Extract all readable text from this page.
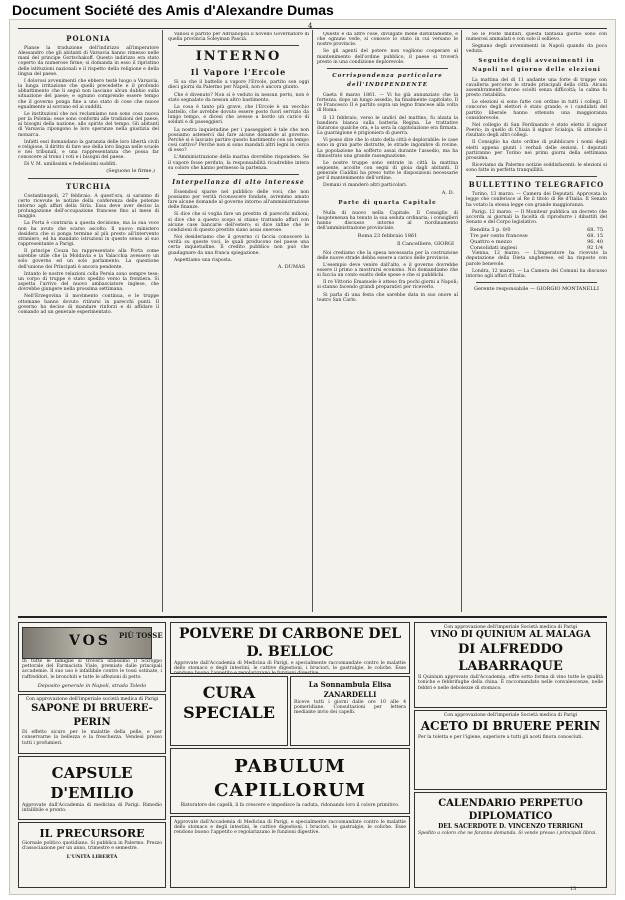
Document Société des Amis d'Alexandre Dumas
4
POLONIA

Pianse la traduzione dell'indirizzo all'imperatore Alessandro che gli abitanti di Varsavia hanno rimesso nelle mani del principe Gortschakoff. Questo indirizzo era stato coperto da numerose firme; si domanda in esso il ripristino delle istituzioni nazionali e il rispetto della religione e della lingua del paese.

I dolorosi avvenimenti che ebbero testè luogo a Varsavia, la lunga irritazione che quelli precedette e il profondo abbattimento che li seguì non lasciano alcun dubbio sulla situazione del paese; e ognuno comprende essere tempo che il governo ponga fine a uno stato di cose che nuoce egualmente al sovrano ed ai sudditi.

Le instituzioni che noi reclamiamo non sono cosa nuova per la Polonia: esse sono conformi alle tradizioni del paese, ai bisogni della nazione, allo spirito del tempo. Gli abitanti di Varsavia ripongono le loro speranze nella giustizia del monarca.

Infatti essi domandano la garanzia delle loro libertà civili e religiose, il diritto di fare uso della loro lingua nelle scuole e nei tribunali, e una rappresentanza che possa far conoscere al trono i voti e i bisogni del paese.

Di V. M. umilissimi e fedelissimi sudditi.

(Seguono le firme.)
TURCHIA

Costantinopoli, 27 febbraio. A quest'ora, si saranno di certo ricevute le notizie della conferenza delle potenze intorno agli affari della Siria. Essa deve aver deciso la prolungazione dell'occupazione francese fino al mese di maggio.

La Porta è contraria a questa decisione, ma la sua voce non ha avuto che scarso ascolto. Il nuovo ministero desidera che si ponga termine al più presto all'intervento straniero, ed ha mandato istruzioni in questo senso al suo rappresentante a Parigi.

Il principe Couza ha rappresentato alla Porta come sarebbe utile che la Moldavia e la Valacchia avessero un solo governo ed un solo parlamento. La questione dell'unione dei Principati è ancora pendente.

Intanto le nostre relazioni colla Persia sono sempre tese; un corpo di truppe è stato spedito verso la frontiera. Si aspetta l'arrivo del nuovo ambasciatore inglese, che dovrebbe giungere nella prossima settimana.

Nell'Erzegovina il movimento continua, e le truppe ottomane hanno dovuto ritirarsi in parecchi punti. Il governo ha deciso di mandare rinforzi e di affidare il comando ad un generale esperimentato.

Vanosi e partito per Adrianopoli il novello Governatore di quella provincia Soleyman Pascià.

INTERNO
Il Vapore l'Ercole

Si sa che il battello a vapore l'Ercole, partito son oggi dieci giorni da Palermo per Napoli, non è ancora giunto.

Che è divenuto? Non si è veduto in nessun porto, non è stato segnalato da nessun altro bastimento.

La cosa è tanto più grave, che l'Ercole è un vecchio battello, che avrebbe dovuto essere posto fuori servizio da lungo tempo, e dicesi che avesse a bordo un carico di soldati e di passeggieri.

La nostra inquietudine per i passeggieri è tale che non possiamo astenerci dal fare alcune domande al governo. Perchè si è lasciato partire questo bastimento con un tempo così cattivo? Perchè non si sono mandati altri legni in cerca di esso?

L'Amministrazione della marina dovrebbe rispondere. Se il vapore fosse perduto, la responsabilità ricadrebbe intera su coloro che hanno permesso la partenza.

Interpellanza di alto interesse

Essendosi sparse nel pubblico delle voci, che non possiamo per verità riconoscere fondate, avremmo amato fare alcune domande al governo intorno all'amministrazione delle finanze.

Si dice che si voglia fare un prestito di parecchi milioni; si dice che a questo scopo si stiano trattando affari con alcune case bancarie dell'estero; si dice infine che le condizioni di questo prestito siano assai onerose.

Noi desideriamo che il governo ci faccia conoscere la verità su queste voci, le quali producono nel paese una certa inquietudine. Il credito pubblico non può che guadagnare da una franca spiegazione.

Aspettiamo una risposta.

A. DUMAS

Questo e da altre cose, divulgate mene distintamente, e che ognuno vede, si conosce lo stato in cui versano le nostre provincie.

Se gli agenti del potere non vogliono cooperare al mantenimento dell'ordine pubblico, il paese si troverà presto in una condizione deplorevole.

Corrispondenza particolare dell'INDIPENDENTE

Gaeta 8 marzo 1861. — Vi ho già annunziato che la fortezza, dopo un lungo assedio, ha finalmente capitolato. Il re Francesco II è partito sopra un legno francese alla volta di Roma.

Il 13 febbraio, verso le undici del mattino, fu alzata la bandiera bianca sulla batteria Regina. Le trattative durarono qualche ora, e la sera la capitolazione era firmata. La guarnigione è prigioniera di guerra.

Vi posso dire che lo stato della città è deplorabile: le case sono in gran parte distrutte, le strade ingombre di rovine. La popolazione ha sofferto assai durante l'assedio, ma ha dimostrato una grande rassegnazione.

Le nostre truppe sono entrate in città la mattina seguente, accolte con segni di gioia dagli abitanti. Il generale Cialdini ha preso tutte le disposizioni necessarie per il mantenimento dell'ordine.

Domani vi manderò altri particolari.

A. D.
Parte di quarta Capitale

Nulla di nuovo nella Capitale. Il Consiglio di luogotenenza ha tenuto la sua seduta ordinaria; i consiglieri hanno discusso intorno al riordinamento dell'amministrazione provinciale.

Roma 23 febbraio 1861
Il Cancelliere, GIORGI

Noi crediamo che la spesa necessaria per la costruzione delle nuove strade debba essere a carico delle provincie.

L'esempio deve venire dall'alto, e il governo dovrebbe essere il primo a mostrarsi economo. Noi domandiamo che si faccia un conto esatto delle spese e che si pubblichi.

Il re Vittorio Emanuele è atteso fra pochi giorni a Napoli; si stanno facendo grandi preparativi per riceverlo.

Si parla di una festa che sarebbe data in suo onore al teatro San Carlo.

Se le Poste militari, questa fantasia giorno sono con numerosi ammalati e con solo il sollievo.

Segnano degli avvenimenti in Napoli quando da poca veduta.

Seguito degli avvenimenti in Napoli nel giorno delle elezioni

La mattina del dì 11 andante una forte di truppe con cavalleria percorse le strade principali della città. Alcuni assembramenti furono sciolti senza difficoltà; la calma fu presto ristabilita.

Le elezioni si sono fatte con ordine in tutti i collegi. Il concorso degli elettori è stato grande, e i candidati del partito liberale hanno ottenuto una maggioranza considerevole.

Nel collegio di San Ferdinando è stato eletto il signor Poerio; in quello di Chiaia il signor Scialoja. Si attende il risultato degli altri collegi.

Il Consiglio ha dato ordine di pubblicare i nomi degli eletti appena giunti i verbali delle sezioni. I deputati partiranno per Torino nei primi giorni della settimana prossima.

Riceviamo da Palermo notizie soddisfacenti: le elezioni si sono fatte in perfetta tranquillità.

BULLETTINO TELEGRAFICO

Torino, 13 marzo. — Camera dei Deputati. Approvata la legge che conferisce al Re il titolo di Re d'Italia. Il Senato ha votato la stessa legge con grande maggioranza.

Parigi, 12 marzo. — Il Moniteur pubblica un decreto che accorda ai giornali la facoltà di riprodurre i dibattiti del Senato e del Corpo legislativo.

Rendita 3 p. 0/0	68. 75
Tre per cento francese	68. 15
Quattro e mezzo	96. 40
Consolidati inglesi	92 1/4

Vienna, 12 marzo. — L'Imperatore ha ricevuto la deputazione della Dieta ungherese, ed ha risposto con parole benevole.

Londra, 12 marzo. — La Camera dei Comuni ha discusso intorno agli affari d'Italia.

Gerente responsabile — GIORGIO MONTANELLI
VOS PIÙ TOSSE
In tutte le famiglie si troverà utilissimo il Sciroppo pettorale del Farmacista Viale, premiato dalle principali accademie. Il suo uso è infallibile contro le tossi ostinate, i raffreddori, le bronchiti e tutte le affezioni di petto.
Deposito generale in Napoli, strada Toledo
Con approvazione dell'imperiale società medica di Parigi
SAPONE DI BRUERE-PERIN
Di effetto sicuro per le malattie della pelle, e per conservarne la bellezza e la freschezza. Vendesi presso tutti i profumieri.
CAPSULE D'EMILIO
Approvate dall'Accademia di medicina di Parigi. Rimedio infallibile e pronto.
IL PRECURSORE
Giornale politico quotidiano. Si pubblica in Palermo. Prezzo d'associazione per un anno, trimestre e semestre.
L'UNITÀ LIBERTÀ
POLVERE DI CARBONE DEL D. BELLOC
Approvate dall'Accademia di Medicina di Parigi, e specialmente raccomandate contro le malattie dello stomaco e degli intestini, le cattive digestioni, i bruciori, le gastralgie, le coliche. Esse rendono buono l'appetito e regolarizzano le funzioni digestive.
CURA SPECIALE
La Sonnambula Elisa ZANARDELLI
Riceve tutti i giorni dalle ore 10 alle 4 pomeridiane. Consultazioni per lettera mediante invio dei capelli.
PABULUM CAPILLORUM
Ristoratore dei capelli, li fa crescere e impedisce la caduta, ridonando loro il colore primitivo.
Approvate dall'Accademia di Medicina di Parigi, e specialmente raccomandate contro le malattie dello stomaco e degli intestini, le cattive digestioni, i bruciori, le gastralgie, le coliche. Esse rendono buono l'appetito e regolarizzano le funzioni digestive.
Con approvazione dell'imperiale Società medica di Parigi
VINO DI QUINIUM AL MALAGA
DI ALFREDDO LABARRAQUE
Il Quinium approvato dall'Accademia, offre sotto forma di vino tutte le qualità toniche e febbrifughe della china. È raccomandato nelle convalescenze, nelle febbri e nelle debolezze di stomaco.
Con approvazione dell'imperiale Società medica di Parigi
ACETO DI BRUERE PERIN
Per la toletta e per l'igiene, superiore a tutti gli aceti finora conosciuti.
CALENDARIO PERPETUO DIPLOMATICO
DEL SACERDOTE D. VINCENZO TERRIGNI
Spedito a coloro che ne faranno domanda. Si vende presso i principali librai.
13
